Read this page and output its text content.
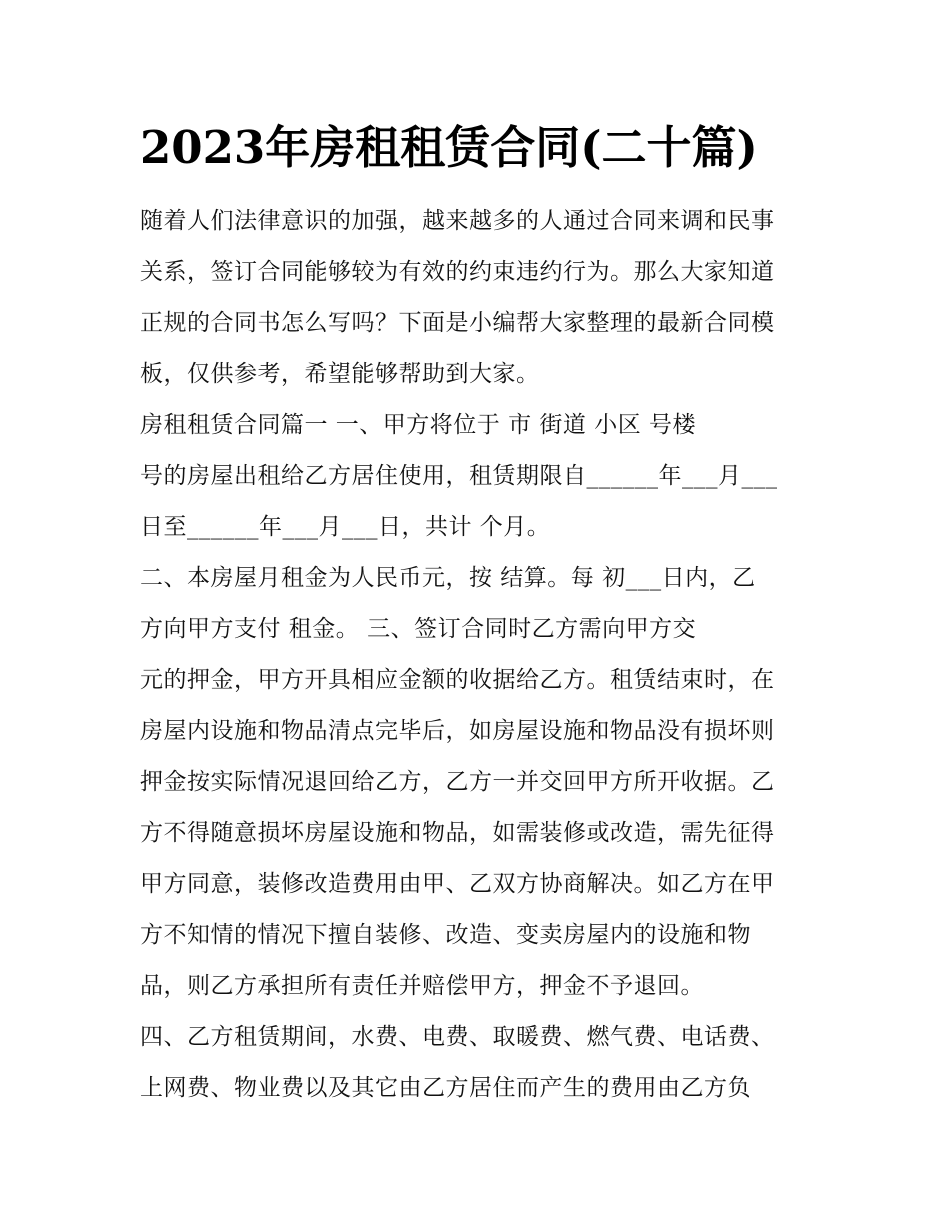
2023年房租租赁合同(二十篇)
随着人们法律意识的加强，越来越多的人通过合同来调和民事
关系，签订合同能够较为有效的约束违约行为。那么大家知道
正规的合同书怎么写吗？下面是小编帮大家整理的最新合同模
板，仅供参考，希望能够帮助到大家。
房租租赁合同篇一 一、甲方将位于 市 街道 小区 号楼
号的房屋出租给乙方居住使用，租赁期限自______年___月___
日至______年___月___日，共计 个月。
二、本房屋月租金为人民币元，按 结算。每 初___日内，乙
方向甲方支付 租金。 三、签订合同时乙方需向甲方交
元的押金，甲方开具相应金额的收据给乙方。租赁结束时，在
房屋内设施和物品清点完毕后，如房屋设施和物品没有损坏则
押金按实际情况退回给乙方，乙方一并交回甲方所开收据。乙
方不得随意损坏房屋设施和物品，如需装修或改造，需先征得
甲方同意，装修改造费用由甲、乙双方协商解决。如乙方在甲
方不知情的情况下擅自装修、改造、变卖房屋内的设施和物
品，则乙方承担所有责任并赔偿甲方，押金不予退回。
四、乙方租赁期间，水费、电费、取暖费、燃气费、电话费、
上网费、物业费以及其它由乙方居住而产生的费用由乙方负
